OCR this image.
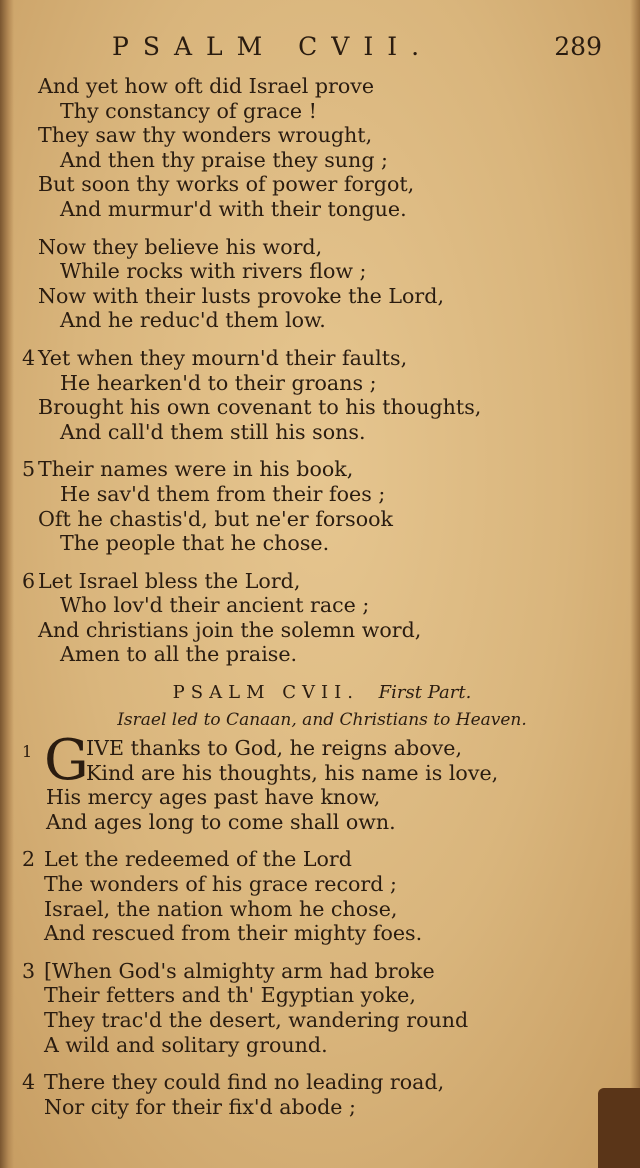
PSALM CVII.	289
And yet how oft did Israel prove
Thy constancy of grace !
They saw thy wonders wrought,
And then thy praise they sung ;
But soon thy works of power forgot,
And murmur'd with their tongue.
Now they believe his word,
While rocks with rivers flow ;
Now with their lusts provoke the Lord,
And he reduc'd them low.
4 Yet when they mourn'd their faults,
He hearken'd to their groans ;
Brought his own covenant to his thoughts,
And call'd them still his sons.
5 Their names were in his book,
He sav'd them from their foes ;
Oft he chastis'd, but ne'er forsook
The people that he chose.
6 Let Israel bless the Lord,
Who lov'd their ancient race ;
And christians join the solemn word,
Amen to all the praise.
PSALM CVII. First Part.
Israel led to Canaan, and Christians to Heaven.
1 G
IVE thanks to God, he reigns above,
Kind are his thoughts, his name is love,
His mercy ages past have know,
And ages long to come shall own.
2 Let the redeemed of the Lord
The wonders of his grace record ;
Israel, the nation whom he chose,
And rescued from their mighty foes.
3 [When God's almighty arm had broke
Their fetters and th' Egyptian yoke,
They trac'd the desert, wandering round
A wild and solitary ground.
4 There they could find no leading road,
Nor city for their fix'd abode ;
